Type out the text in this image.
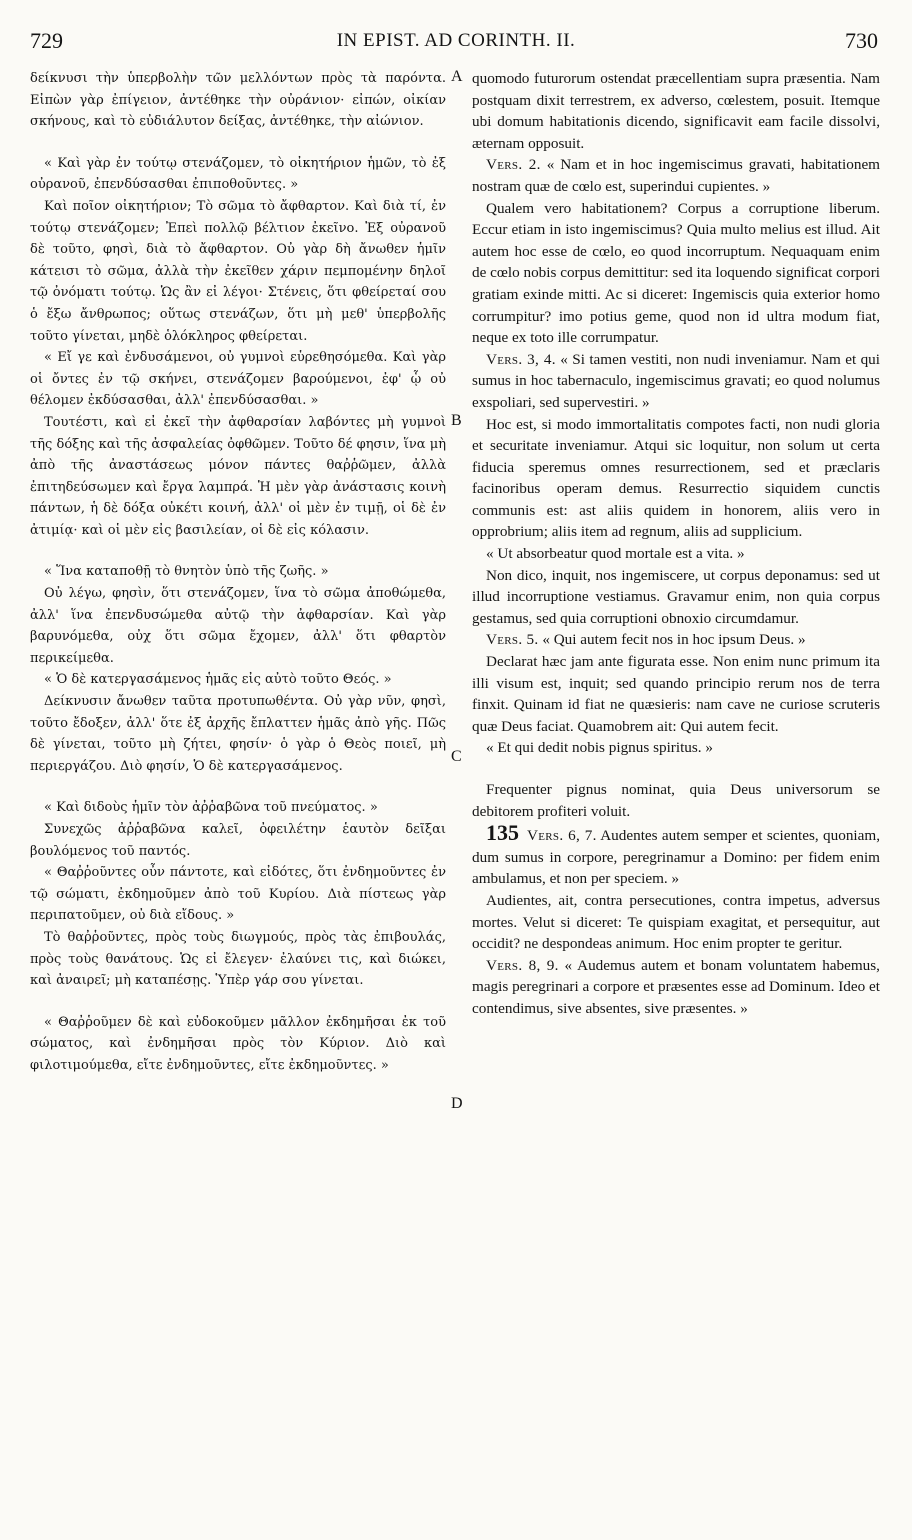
729	IN EPIST. AD CORINTH. II.	730
A
B
C
D

δείκνυσι τὴν ὑπερβολὴν τῶν μελλόντων πρὸς τὰ παρόντα. Εἰπὼν γὰρ ἐπίγειον, ἀντέθηκε τὴν οὐράνιον· εἰπών, οἰκίαν σκήνους, καὶ τὸ εὐδιάλυτον δείξας, ἀντέθηκε, τὴν αἰώνιον.

« Καὶ γὰρ ἐν τούτῳ στενάζομεν, τὸ οἰκητήριον ἡμῶν, τὸ ἐξ οὐρανοῦ, ἐπενδύσασθαι ἐπιποθοῦντες. »

Καὶ ποῖον οἰκητήριον; Τὸ σῶμα τὸ ἄφθαρτον. Καὶ διὰ τί, ἐν τούτῳ στενάζομεν; Ἐπεὶ πολλῷ βέλτιον ἐκεῖνο. Ἐξ οὐρανοῦ δὲ τοῦτο, φησὶ, διὰ τὸ ἄφθαρτον. Οὐ γὰρ δὴ ἄνωθεν ἡμῖν κάτεισι τὸ σῶμα, ἀλλὰ τὴν ἐκεῖθεν χάριν πεμπομένην δηλοῖ τῷ ὀνόματι τούτῳ. Ὡς ἂν εἰ λέγοι· Στένεις, ὅτι φθείρεταί σου ὁ ἔξω ἄνθρωπος; οὕτως στενάζων, ὅτι μὴ μεθ' ὑπερβολῆς τοῦτο γίνεται, μηδὲ ὁλόκληρος φθείρεται.

« Εἴ γε καὶ ἐνδυσάμενοι, οὐ γυμνοὶ εὑρεθησόμεθα. Καὶ γὰρ οἱ ὄντες ἐν τῷ σκήνει, στενάζομεν βαρούμενοι, ἐφ' ᾧ οὐ θέλομεν ἐκδύσασθαι, ἀλλ' ἐπενδύσασθαι. »

Τουτέστι, καὶ εἰ ἐκεῖ τὴν ἀφθαρσίαν λαβόντες μὴ γυμνοὶ τῆς δόξης καὶ τῆς ἀσφαλείας ὀφθῶμεν. Τοῦτο δέ φησιν, ἵνα μὴ ἀπὸ τῆς ἀναστάσεως μόνον πάντες θαῤῥῶμεν, ἀλλὰ ἐπιτηδεύσωμεν καὶ ἔργα λαμπρά. Ἡ μὲν γὰρ ἀνάστασις κοινὴ πάντων, ἡ δὲ δόξα οὐκέτι κοινή, ἀλλ' οἱ μὲν ἐν τιμῇ, οἱ δὲ ἐν ἀτιμίᾳ· καὶ οἱ μὲν εἰς βασιλείαν, οἱ δὲ εἰς κόλασιν.

« Ἵνα καταποθῇ τὸ θνητὸν ὑπὸ τῆς ζωῆς. »

Οὐ λέγω, φησὶν, ὅτι στενάζομεν, ἵνα τὸ σῶμα ἀποθώμεθα, ἀλλ' ἵνα ἐπενδυσώμεθα αὐτῷ τὴν ἀφθαρσίαν. Καὶ γὰρ βαρυνόμεθα, οὐχ ὅτι σῶμα ἔχομεν, ἀλλ' ὅτι φθαρτὸν περικείμεθα.

« Ὁ δὲ κατεργασάμενος ἡμᾶς εἰς αὐτὸ τοῦτο Θεός. »

Δείκνυσιν ἄνωθεν ταῦτα προτυπωθέντα. Οὐ γὰρ νῦν, φησὶ, τοῦτο ἔδοξεν, ἀλλ' ὅτε ἐξ ἀρχῆς ἔπλαττεν ἡμᾶς ἀπὸ γῆς. Πῶς δὲ γίνεται, τοῦτο μὴ ζήτει, φησίν· ὁ γὰρ ὁ Θεὸς ποιεῖ, μὴ περιεργάζου. Διὸ φησίν, Ὁ δὲ κατεργασάμενος.

« Καὶ διδοὺς ἡμῖν τὸν ἀῤῥαβῶνα τοῦ πνεύματος. »

Συνεχῶς ἀῤῥαβῶνα καλεῖ, ὀφειλέτην ἑαυτὸν δεῖξαι βουλόμενος τοῦ παντός.

« Θαῤῥοῦντες οὖν πάντοτε, καὶ εἰδότες, ὅτι ἐνδημοῦντες ἐν τῷ σώματι, ἐκδημοῦμεν ἀπὸ τοῦ Κυρίου. Διὰ πίστεως γὰρ περιπατοῦμεν, οὐ διὰ εἴδους. »

Τὸ θαῤῥοῦντες, πρὸς τοὺς διωγμούς, πρὸς τὰς ἐπιβουλάς, πρὸς τοὺς θανάτους. Ὡς εἰ ἔλεγεν· ἐλαύνει τις, καὶ διώκει, καὶ ἀναιρεῖ; μὴ καταπέσῃς. Ὑπὲρ γάρ σου γίνεται.

« Θαῤῥοῦμεν δὲ καὶ εὐδοκοῦμεν μᾶλλον ἐκδημῆσαι ἐκ τοῦ σώματος, καὶ ἐνδημῆσαι πρὸς τὸν Κύριον. Διὸ καὶ φιλοτιμούμεθα, εἴτε ἐνδημοῦντες, εἴτε ἐκδημοῦντες. »

quomodo futurorum ostendat præcellentiam supra præsentia. Nam postquam dixit terrestrem, ex adverso, cœlestem, posuit. Itemque ubi domum habitationis dicendo, significavit eam facile dissolvi, æternam opposuit.

Vers. 2. « Nam et in hoc ingemiscimus gravati, habitationem nostram quæ de cœlo est, superindui cupientes. »

Qualem vero habitationem? Corpus a corruptione liberum. Eccur etiam in isto ingemiscimus? Quia multo melius est illud. Ait autem hoc esse de cœlo, eo quod incorruptum. Nequaquam enim de cœlo nobis corpus demittitur: sed ita loquendo significat corpori gratiam exinde mitti. Ac si diceret: Ingemiscis quia exterior homo corrumpitur? imo potius geme, quod non id ultra modum fiat, neque ex toto ille corrumpatur.

Vers. 3, 4. « Si tamen vestiti, non nudi inveniamur. Nam et qui sumus in hoc tabernaculo, ingemiscimus gravati; eo quod nolumus exspoliari, sed supervestiri. »

Hoc est, si modo immortalitatis compotes facti, non nudi gloria et securitate inveniamur. Atqui sic loquitur, non solum ut certa fiducia speremus omnes resurrectionem, sed et præclaris facinoribus operam demus. Resurrectio siquidem cunctis communis est: ast aliis quidem in honorem, aliis vero in opprobrium; aliis item ad regnum, aliis ad supplicium.

« Ut absorbeatur quod mortale est a vita. »

Non dico, inquit, nos ingemiscere, ut corpus deponamus: sed ut illud incorruptione vestiamus. Gravamur enim, non quia corpus gestamus, sed quia corruptioni obnoxio circumdamur.

Vers. 5. « Qui autem fecit nos in hoc ipsum Deus. »

Declarat hæc jam ante figurata esse. Non enim nunc primum ita illi visum est, inquit; sed quando principio rerum nos de terra finxit. Quinam id fiat ne quæsieris: nam cave ne curiose scruteris quæ Deus faciat. Quamobrem ait: Qui autem fecit.

« Et qui dedit nobis pignus spiritus. »

Frequenter pignus nominat, quia Deus universorum se debitorem profiteri voluit.

135 Vers. 6, 7. Audentes autem semper et scientes, quoniam, dum sumus in corpore, peregrinamur a Domino: per fidem enim ambulamus, et non per speciem. »

Audientes, ait, contra persecutiones, contra impetus, adversus mortes. Velut si diceret: Te quispiam exagitat, et persequitur, aut occidit? ne despondeas animum. Hoc enim propter te geritur.

Vers. 8, 9. « Audemus autem et bonam voluntatem habemus, magis peregrinari a corpore et præsentes esse ad Dominum. Ideo et contendimus, sive absentes, sive præsentes. »
